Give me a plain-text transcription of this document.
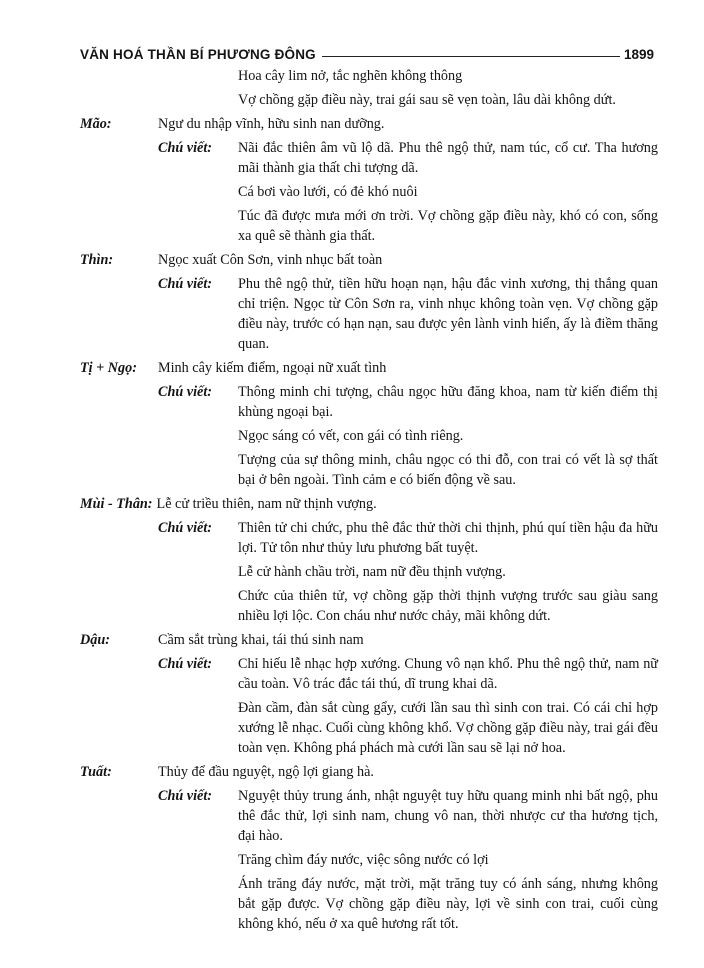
VĂN HOÁ THẦN BÍ PHƯƠNG ĐÔNG	1899
Hoa cây lim nở, tắc nghẽn không thông
Vợ chồng gặp điều này, trai gái sau sẽ vẹn toàn, lâu dài không dứt.
Mão:	Ngư du nhập vĩnh, hữu sinh nan dưỡng.
Chú viết:	Nãi đắc thiên âm vũ lộ dã. Phu thê ngộ thử, nam túc, cổ cư. Tha hương mãi thành gia thất chi tượng dã.
Cá bơi vào lưới, có đẻ khó nuôi
Túc đã được mưa mới ơn trời. Vợ chồng gặp điều này, khó có con, sống xa quê sẽ thành gia thất.
Thìn:	Ngọc xuất Côn Sơn, vinh nhục bất toàn
Chú viết:	Phu thê ngộ thử, tiền hữu hoạn nạn, hậu đắc vinh xương, thị thắng quan chỉ triện. Ngọc từ Côn Sơn ra, vinh nhục không toàn vẹn. Vợ chồng gặp điều này, trước có hạn nạn, sau được yên lành vinh hiển, ấy là điềm thăng quan.
Tị + Ngọ:	Minh cây kiếm điểm, ngoại nữ xuất tình
Chú viết:	Thông minh chi tượng, châu ngọc hữu đăng khoa, nam từ kiến điểm thị khùng ngoại bại.
Ngọc sáng có vết, con gái có tình riêng.
Tượng của sự thông minh, châu ngọc có thi đỗ, con trai có vết là sợ thất bại ở bên ngoài. Tình cảm e có biến động về sau.
Mùi - Thân: Lễ cử triều thiên, nam nữ thịnh vượng.
Chú viết:	Thiên tử chi chức, phu thê đắc thử thời chi thịnh, phú quí tiền hậu đa hữu lợi. Tử tôn như thủy lưu phương bất tuyệt.
Lễ cử hành chầu trời, nam nữ đều thịnh vượng.
Chức của thiên tử, vợ chồng gặp thời thịnh vượng trước sau giàu sang nhiều lợi lộc. Con cháu như nước chảy, mãi không dứt.
Dậu:	Cầm sắt trùng khai, tái thú sinh nam
Chú viết:	Chỉ hiếu lễ nhạc hợp xướng. Chung vô nạn khổ. Phu thê ngộ thử, nam nữ cầu toàn. Vô trác đắc tái thú, dĩ trung khai dã.
Đàn cầm, đàn sắt cùng gẩy, cưới lần sau thì sinh con trai. Có cái chỉ hợp xướng lễ nhạc. Cuối cùng không khổ. Vợ chồng gặp điều này, trai gái đều toàn vẹn. Không phá phách mà cưới lần sau sẽ lại nở hoa.
Tuất:	Thủy để đầu nguyệt, ngộ lợi giang hà.
Chú viết:	Nguyệt thủy trung ánh, nhật nguyệt tuy hữu quang minh nhi bất ngộ, phu thê đắc thử, lợi sinh nam, chung vô nan, thời nhược cư tha hương tịch, đại hào.
Trăng chìm đáy nước, việc sông nước có lợi
Ánh trăng đáy nước, mặt trời, mặt trăng tuy có ánh sáng, nhưng không bắt gặp được. Vợ chồng gặp điều này, lợi về sinh con trai, cuối cùng không khó, nếu ở xa quê hương rất tốt.
